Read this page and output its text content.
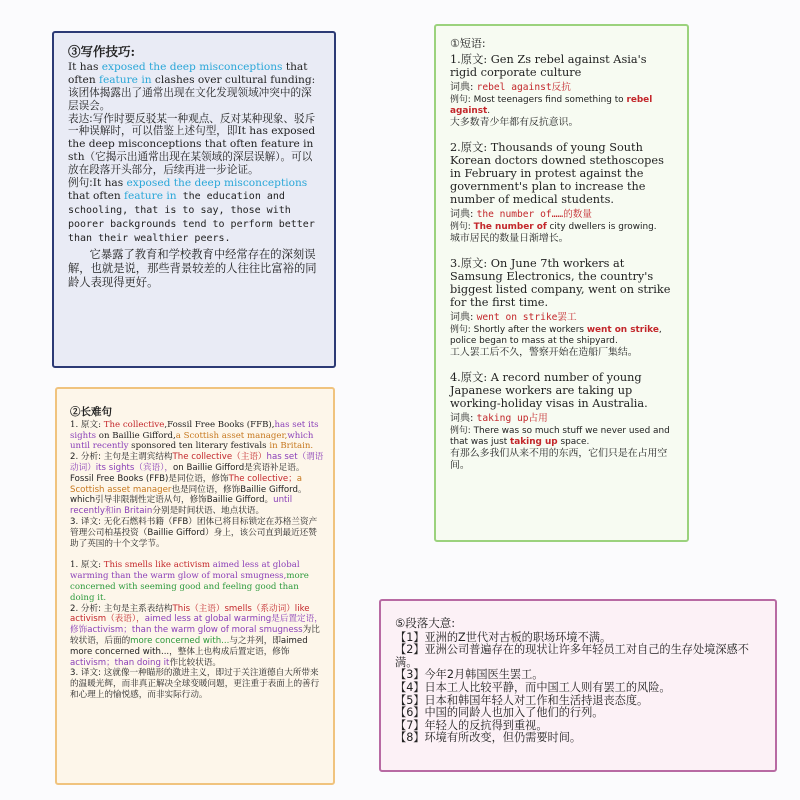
③写作技巧:
It has exposed the deep misconceptions that often feature in clashes over cultural funding:
该团体揭露出了通常出现在文化发现领域冲突中的深层误会。
表达:写作时要反驳某一种观点、反对某种现象、驳斥一种误解时，可以借鉴上述句型，即It has exposed the deep misconceptions that often feature in sth（它揭示出通常出现在某领域的深层误解）。可以放在段落开头部分，后续再进一步论证。
例句:It has exposed the deep misconceptions that often feature in the education and schooling, that is to say, those with poorer backgrounds tend to perform better than their wealthier peers.
它暴露了教育和学校教育中经常存在的深刻误解，也就是说，那些背景较差的人往往比富裕的同龄人表现得更好。
①短语:
1.原文: Gen Zs rebel against Asia's rigid corporate culture
词典: rebel against反抗
例句: Most teenagers find something to rebel against.
大多数青少年都有反抗意识。
2.原文: Thousands of young South Korean doctors downed stethoscopes in February in protest against the government's plan to increase the number of medical students.
词典: the number of……的数量
例句: The number of city dwellers is growing.
城市居民的数量日渐增长。
3.原文: On June 7th workers at Samsung Electronics, the country's biggest listed company, went on strike for the first time.
词典: went on strike罢工
例句: Shortly after the workers went on strike, police began to mass at the shipyard.
工人罢工后不久，警察开始在造船厂集结。
4.原文: A record number of young Japanese workers are taking up working-holiday visas in Australia.
词典: taking up占用
例句: There was so much stuff we never used and that was just taking up space.
有那么多我们从来不用的东西，它们只是在占用空间。
②长难句
1. 原文: The collective,Fossil Free Books (FFB),has set its sights on Baillie Gifford,a Scottish asset manager,which until recently sponsored ten literary festivals in Britain.
2. 分析: 主句是主谓宾结构The collective（主语）has set（谓语动词）its sights（宾语），on Baillie Gifford是宾语补足语。Fossil Free Books (FFB)是同位语，修饰The collective；a Scottish asset manager也是同位语，修饰Baillie Gifford。which引导非限制性定语从句，修饰Baillie Gifford。until recently和in Britain分别是时间状语、地点状语。
3. 译文: 无化石燃料书籍（FFB）团体已将目标锁定在苏格兰资产管理公司柏基投资（Baillie Gifford）身上，该公司直到最近还赞助了英国的十个文学节。
1. 原文: This smells like activism aimed less at global warming than the warm glow of moral smugness,more concerned with seeming good and feeling good than doing it.
2. 分析: 主句是主系表结构This（主语）smells（系动词）like activism（表语），aimed less at global warming是后置定语，修饰activism；than the warm glow of moral smugness为比较状语，后面的more concerned with...与之并列，即aimed more concerned with...，整体上也构成后置定语，修饰activism；than doing it作比较状语。
3. 译文: 这就像一种瞄形的激进主义，即过于关注道德自大所带来的温暖光辉，而非真正解决全球变暖问题，更注重于表面上的善行和心理上的愉悦感，而非实际行动。
⑤段落大意:
【1】亚洲的Z世代对古板的职场环境不满。
【2】亚洲公司普遍存在的现状让许多年轻员工对自己的生存处境深感不满。
【3】今年2月韩国医生罢工。
【4】日本工人比较平静，而中国工人则有罢工的风险。
【5】日本和韩国年轻人对工作和生活持退丧态度。
【6】中国的同龄人也加入了他们的行列。
【7】年轻人的反抗得到重视。
【8】环境有所改变，但仍需要时间。
